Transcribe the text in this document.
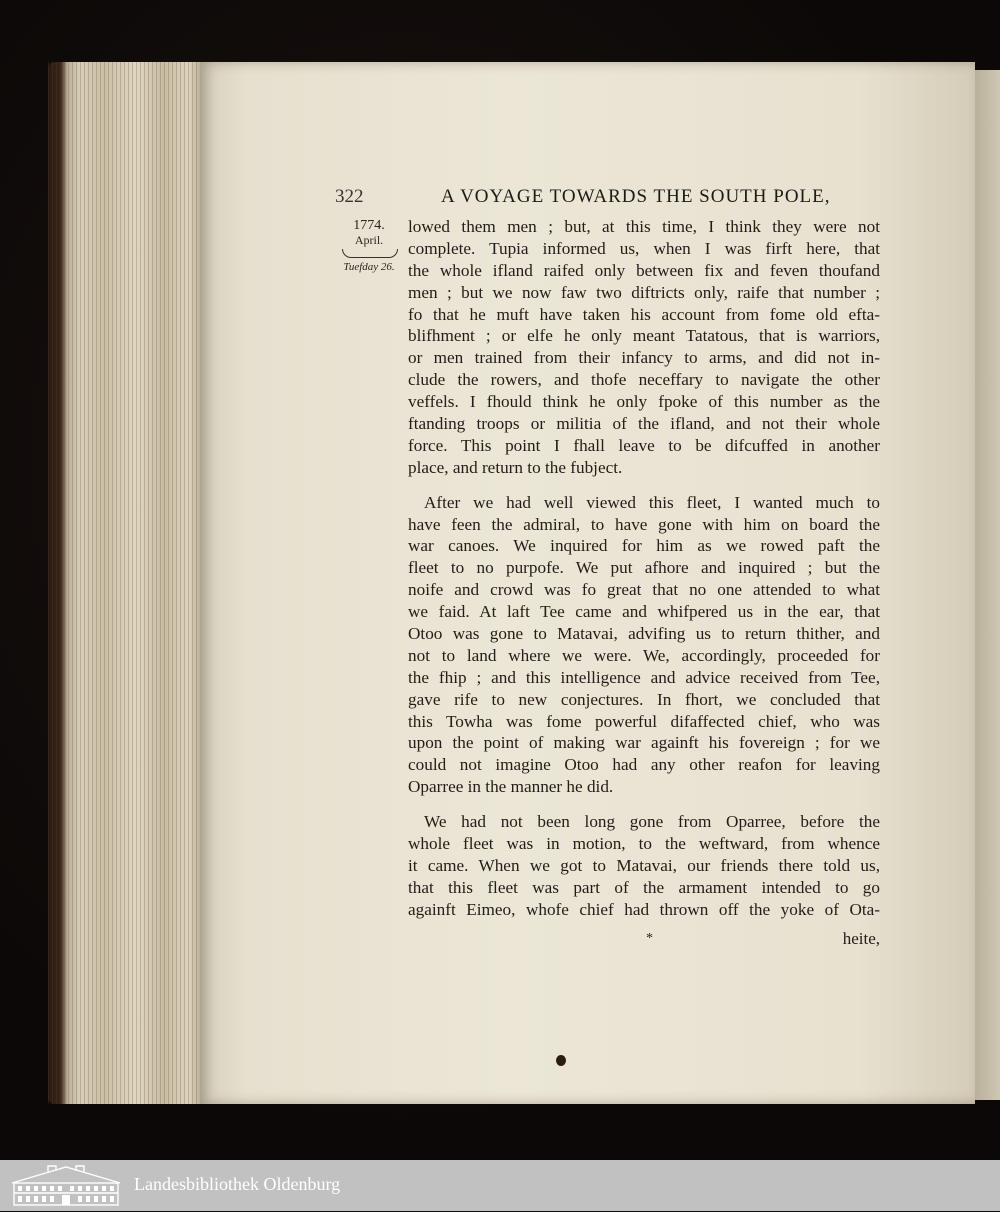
322	A VOYAGE TOWARDS THE SOUTH POLE,
1774.
April.
Tuefday 26.
lowed them men ; but, at this time, I think they were not
complete. Tupia informed us, when I was firft here, that
the whole ifland raifed only between fix and feven thoufand
men ; but we now faw two diftricts only, raife that number ;
fo that he muft have taken his account from fome old efta-
blifhment ; or elfe he only meant Tatatous, that is warriors,
or men trained from their infancy to arms, and did not in-
clude the rowers, and thofe neceffary to navigate the other
veffels. I fhould think he only fpoke of this number as the
ftanding troops or militia of the ifland, and not their whole
force. This point I fhall leave to be difcuffed in another
place, and return to the fubject.
After we had well viewed this fleet, I wanted much to
have feen the admiral, to have gone with him on board the
war canoes. We inquired for him as we rowed paft the
fleet to no purpofe. We put afhore and inquired ; but the
noife and crowd was fo great that no one attended to what
we faid. At laft Tee came and whifpered us in the ear, that
Otoo was gone to Matavai, advifing us to return thither, and
not to land where we were. We, accordingly, proceeded for
the fhip ; and this intelligence and advice received from Tee,
gave rife to new conjectures. In fhort, we concluded that
this Towha was fome powerful difaffected chief, who was
upon the point of making war againft his fovereign ; for we
could not imagine Otoo had any other reafon for leaving
Oparree in the manner he did.
We had not been long gone from Oparree, before the
whole fleet was in motion, to the weftward, from whence
it came. When we got to Matavai, our friends there told us,
that this fleet was part of the armament intended to go
againft Eimeo, whofe chief had thrown off the yoke of Ota-
*	heite,
Landesbibliothek Oldenburg
